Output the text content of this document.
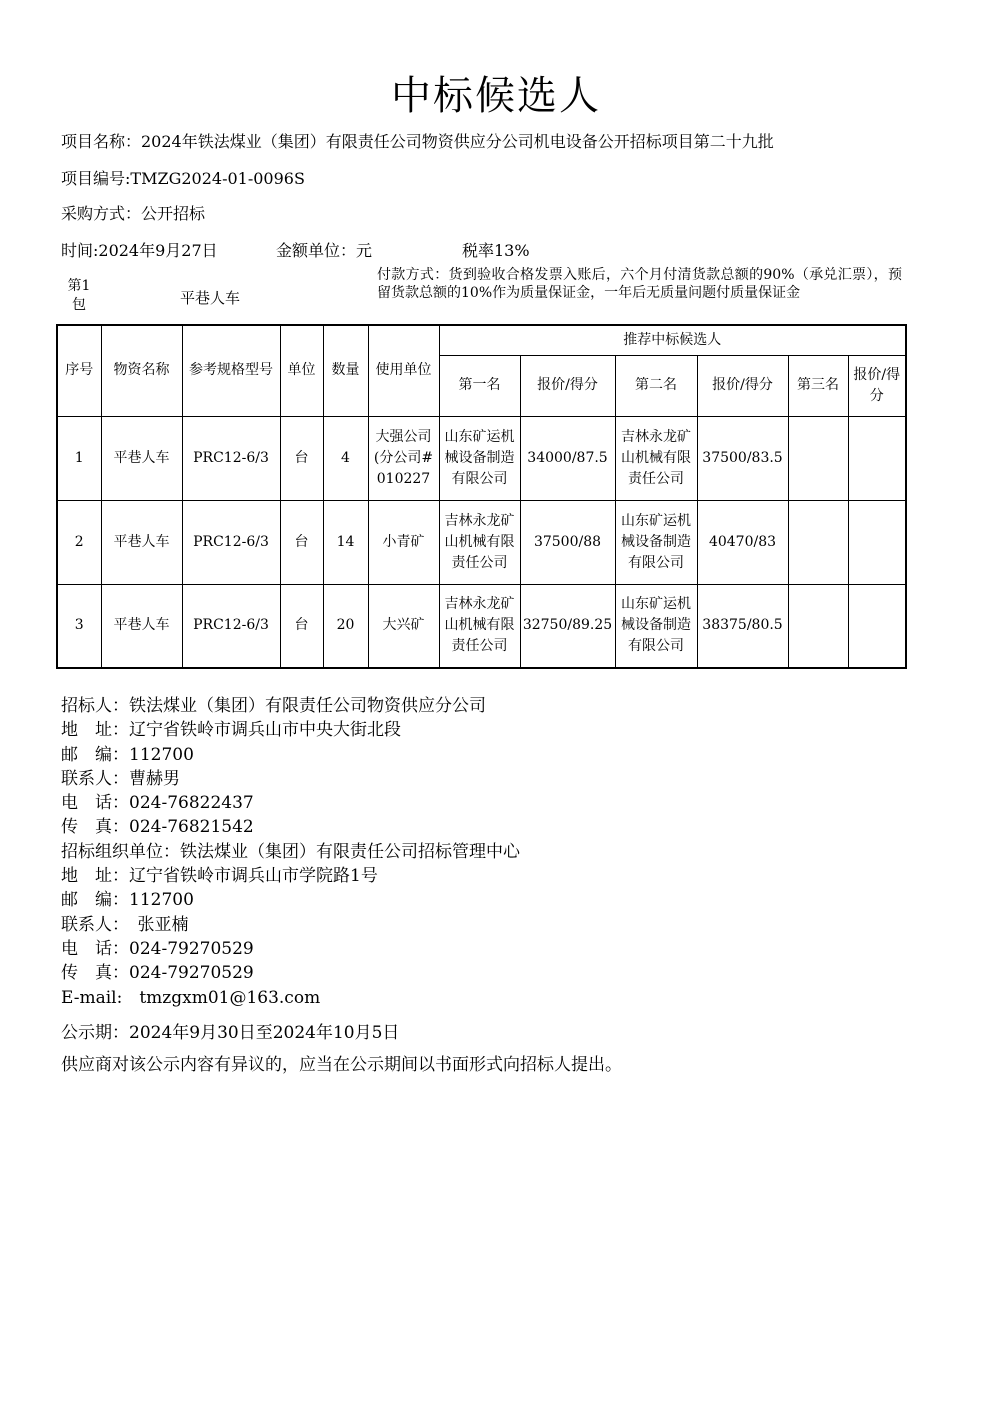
中标候选人
项目名称：2024年铁法煤业（集团）有限责任公司物资供应分公司机电设备公开招标项目第二十九批
项目编号:TMZG2024-01-0096S
采购方式：公开招标
时间:2024年9月27日	金额单位：元	税率13%
第1包	平巷人车
付款方式：货到验收合格发票入账后，六个月付清货款总额的90%（承兑汇票），预留货款总额的10%作为质量保证金，一年后无质量问题付质量保证金
序号	物资名称	参考规格型号	单位	数量	使用单位	推荐中标候选人					
						第一名	报价/得分	第二名	报价/得分	第三名	报价/得分
1	平巷人车	PRC12-6/3	台	4	大强公司(分公司#010227	山东矿运机械设备制造有限公司	34000/87.5	吉林永龙矿山机械有限责任公司	37500/83.5		
2	平巷人车	PRC12-6/3	台	14	小青矿	吉林永龙矿山机械有限责任公司	37500/88	山东矿运机械设备制造有限公司	40470/83		
3	平巷人车	PRC12-6/3	台	20	大兴矿	吉林永龙矿山机械有限责任公司	32750/89.25	山东矿运机械设备制造有限公司	38375/80.5		
招标人：铁法煤业（集团）有限责任公司物资供应分公司
地　址：辽宁省铁岭市调兵山市中央大街北段
邮　编：112700
联系人：曹赫男
电　话：024-76822437
传　真：024-76821542
招标组织单位：铁法煤业（集团）有限责任公司招标管理中心
地　址：辽宁省铁岭市调兵山市学院路1号
邮　编：112700
联系人：　张亚楠
电　话：024-79270529
传　真：024-79270529
E-mail:　tmzgxm01@163.com
公示期：2024年9月30日至2024年10月5日
供应商对该公示内容有异议的，应当在公示期间以书面形式向招标人提出。
